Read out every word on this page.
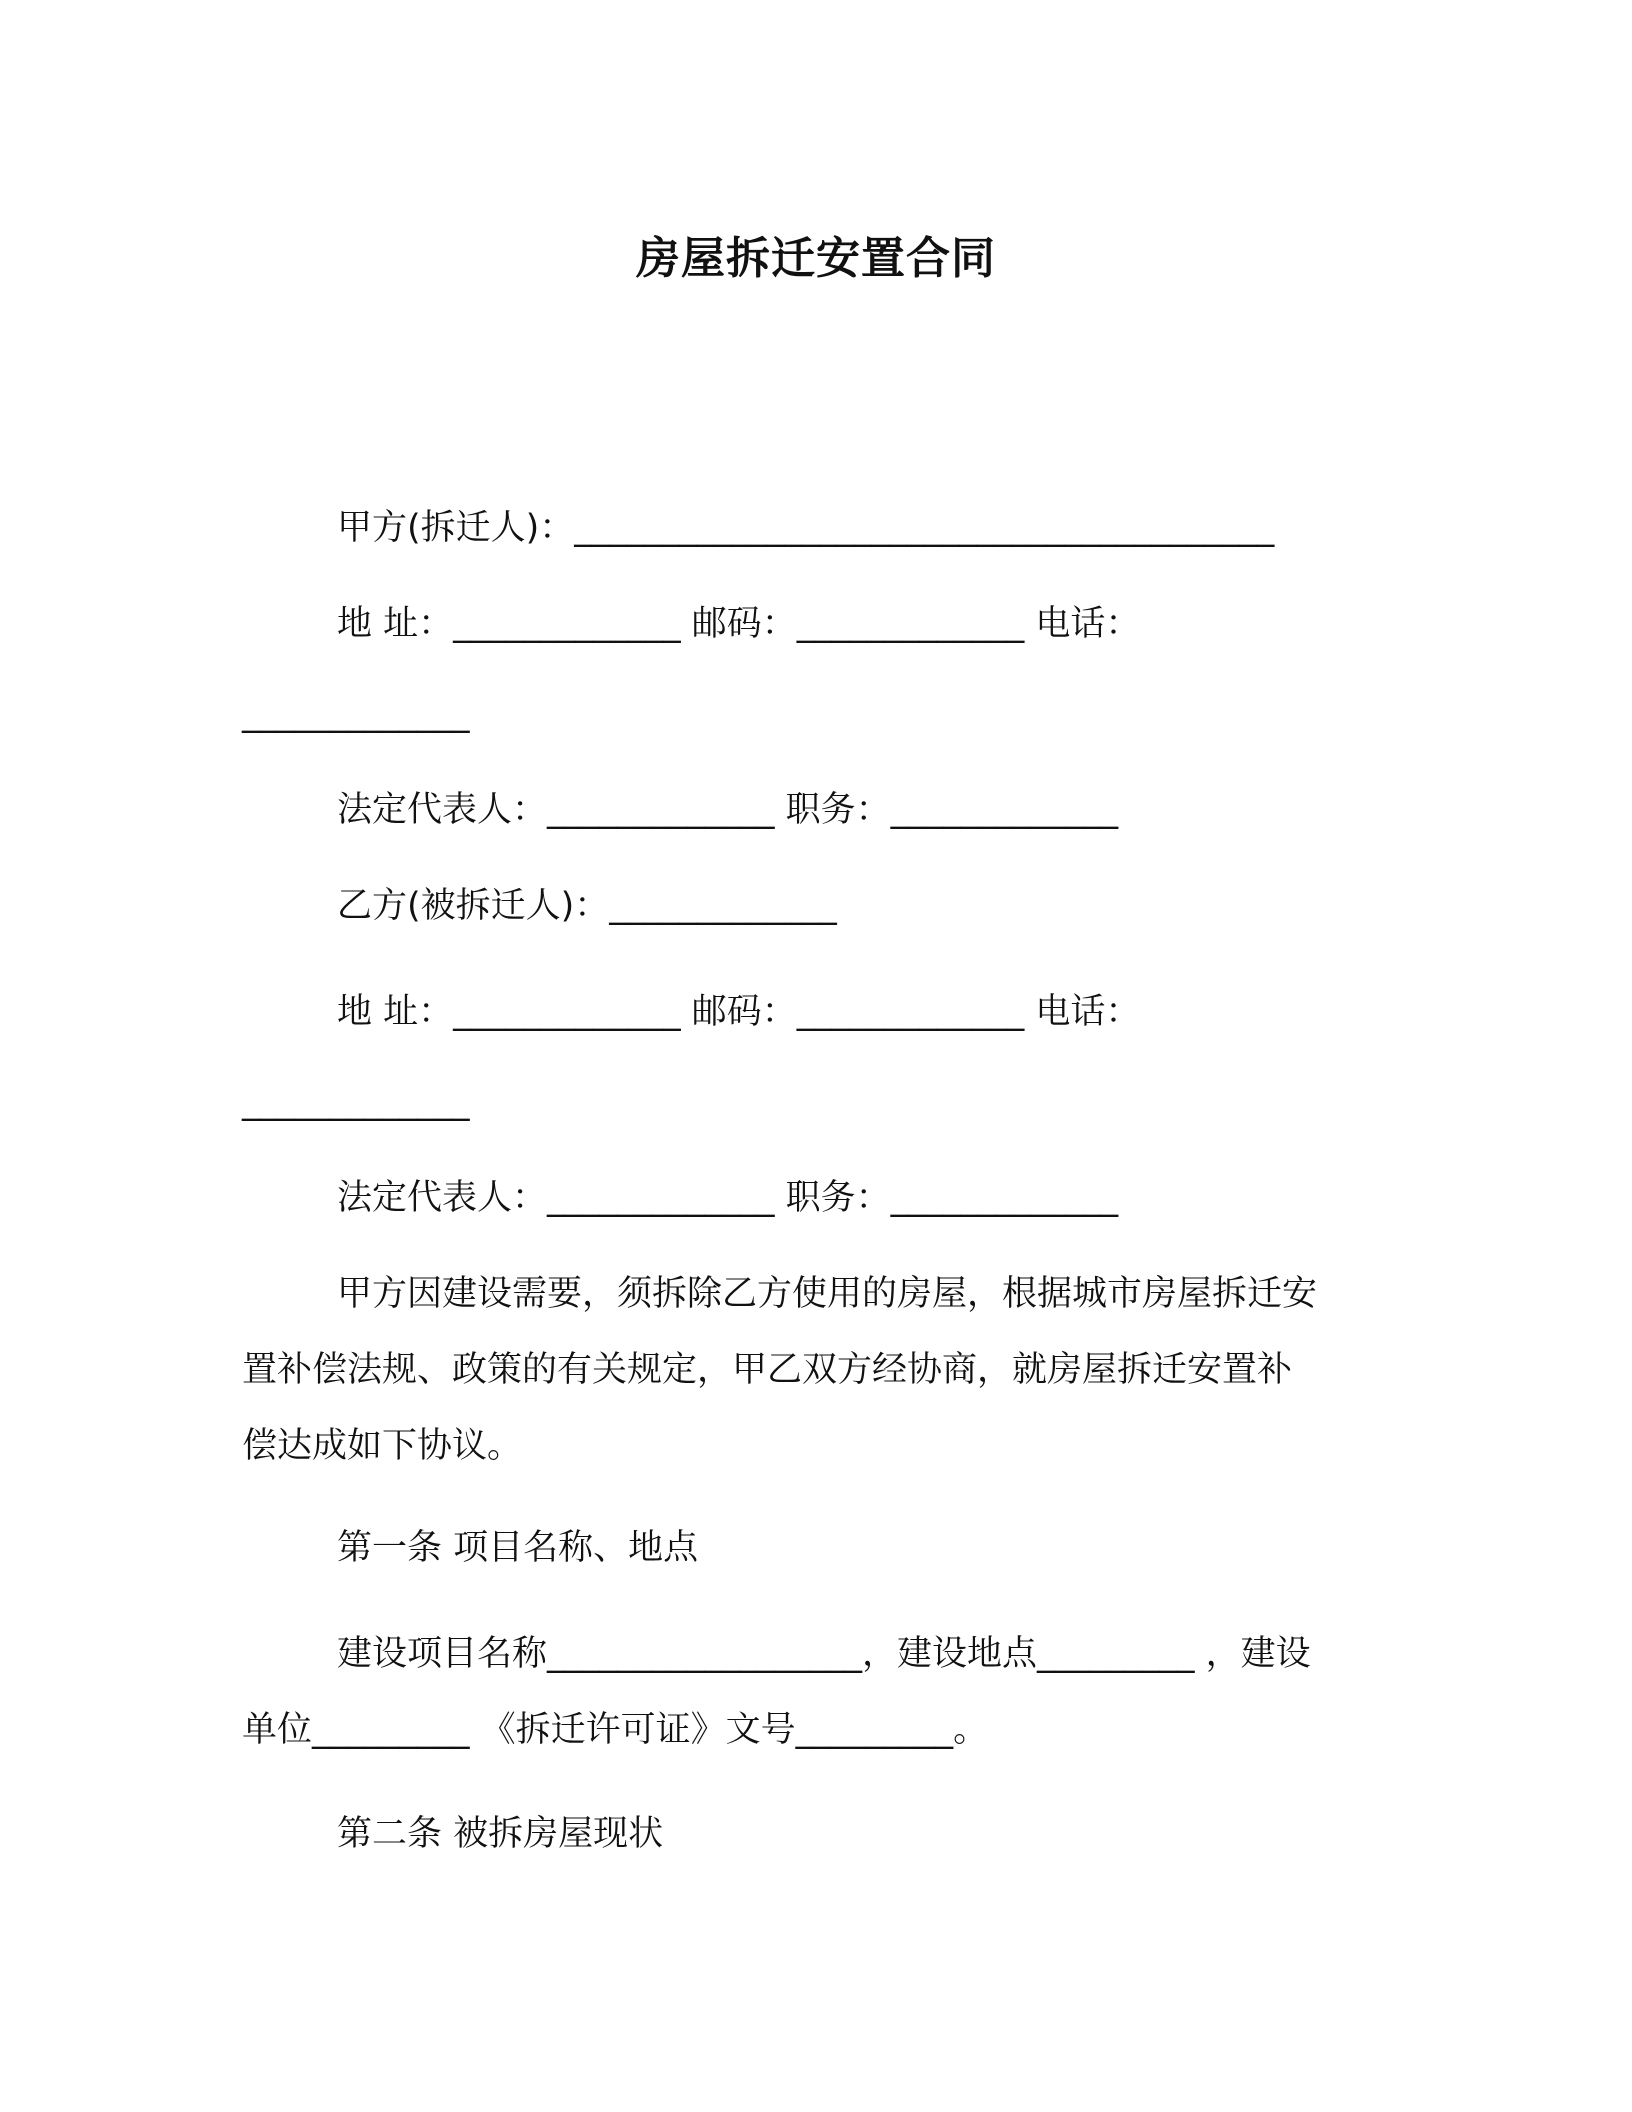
房屋拆迁安置合同
甲方(拆迁人)：________________________________________
地 址：_____________ 邮码：_____________ 电话：
_____________
法定代表人：_____________ 职务：_____________
乙方(被拆迁人)：_____________
地 址：_____________ 邮码：_____________ 电话：
_____________
法定代表人：_____________ 职务：_____________
甲方因建设需要，须拆除乙方使用的房屋，根据城市房屋拆迁安
置补偿法规、政策的有关规定，甲乙双方经协商，就房屋拆迁安置补
偿达成如下协议。
第一条 项目名称、地点
建设项目名称__________________，建设地点_________ ，建设
单位_________ 《拆迁许可证》文号_________。
第二条 被拆房屋现状
